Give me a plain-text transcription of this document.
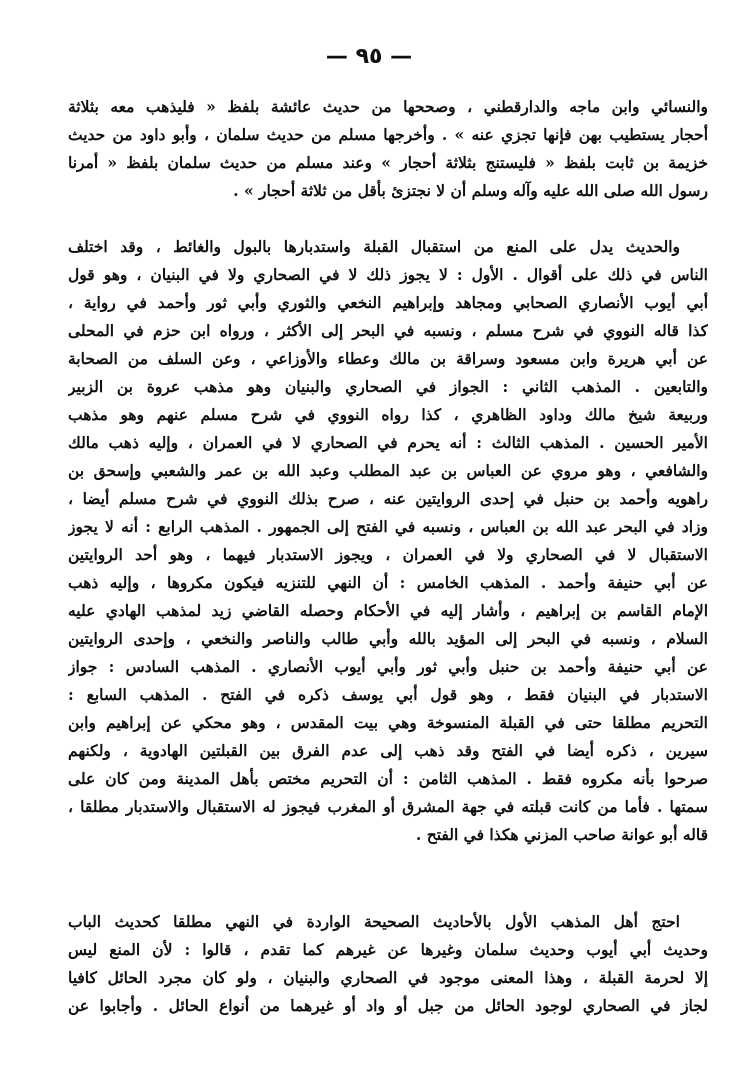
— ٩٥ —
والنسائي وابن ماجه والدارقطني ، وصححها من حديث عائشة بلفظ « فليذهب معه بثلاثة
أحجار يستطيب بهن فإنها تجزي عنه » . وأخرجها مسلم من حديث سلمان ، وأبو داود من حديث
خزيمة بن ثابت بلفظ « فليستنج بثلاثة أحجار » وعند مسلم من حديث سلمان بلفظ « أمرنا
رسول الله صلى الله عليه وآله وسلم أن لا نجتزئ بأقل من ثلاثة أحجار » .
والحديث يدل على المنع من استقبال القبلة واستدبارها بالبول والغائط ، وقد اختلف
الناس في ذلك على أقوال . الأول : لا يجوز ذلك لا في الصحاري ولا في البنيان ، وهو قول
أبي أيوب الأنصاري الصحابي ومجاهد وإبراهيم النخعي والثوري وأبي ثور وأحمد في رواية ،
كذا قاله النووي في شرح مسلم ، ونسبه في البحر إلى الأكثر ، ورواه ابن حزم في المحلى
عن أبي هريرة وابن مسعود وسراقة بن مالك وعطاء والأوزاعي ، وعن السلف من الصحابة
والتابعين . المذهب الثاني : الجواز في الصحاري والبنيان وهو مذهب عروة بن الزبير
وربيعة شيخ مالك وداود الظاهري ، كذا رواه النووي في شرح مسلم عنهم وهو مذهب
الأمير الحسين . المذهب الثالث : أنه يحرم في الصحاري لا في العمران ، وإليه ذهب مالك
والشافعي ، وهو مروي عن العباس بن عبد المطلب وعبد الله بن عمر والشعبي وإسحق بن
راهويه وأحمد بن حنبل في إحدى الروايتين عنه ، صرح بذلك النووي في شرح مسلم أيضا ،
وزاد في البحر عبد الله بن العباس ، ونسبه في الفتح إلى الجمهور . المذهب الرابع : أنه لا يجوز
الاستقبال لا في الصحاري ولا في العمران ، ويجوز الاستدبار فيهما ، وهو أحد الروايتين
عن أبي حنيفة وأحمد . المذهب الخامس : أن النهي للتنزيه فيكون مكروها ، وإليه ذهب
الإمام القاسم بن إبراهيم ، وأشار إليه في الأحكام وحصله القاضي زيد لمذهب الهادي عليه
السلام ، ونسبه في البحر إلى المؤيد بالله وأبي طالب والناصر والنخعي ، وإحدى الروايتين
عن أبي حنيفة وأحمد بن حنبل وأبي ثور وأبي أيوب الأنصاري . المذهب السادس : جواز
الاستدبار في البنيان فقط ، وهو قول أبي يوسف ذكره في الفتح . المذهب السابع :
التحريم مطلقا حتى في القبلة المنسوخة وهي بيت المقدس ، وهو محكي عن إبراهيم وابن
سيرين ، ذكره أيضا في الفتح وقد ذهب إلى عدم الفرق بين القبلتين الهادوية ، ولكنهم
صرحوا بأنه مكروه فقط . المذهب الثامن : أن التحريم مختص بأهل المدينة ومن كان على
سمتها . فأما من كانت قبلته في جهة المشرق أو المغرب فيجوز له الاستقبال والاستدبار مطلقا ،
قاله أبو عوانة صاحب المزني هكذا في الفتح .
احتج أهل المذهب الأول بالأحاديث الصحيحة الواردة في النهي مطلقا كحديث الباب
وحديث أبي أيوب وحديث سلمان وغيرها عن غيرهم كما تقدم ، قالوا : لأن المنع ليس
إلا لحرمة القبلة ، وهذا المعنى موجود في الصحاري والبنيان ، ولو كان مجرد الحائل كافيا
لجاز في الصحاري لوجود الحائل من جبل أو واد أو غيرهما من أنواع الحائل . وأجابوا عن
